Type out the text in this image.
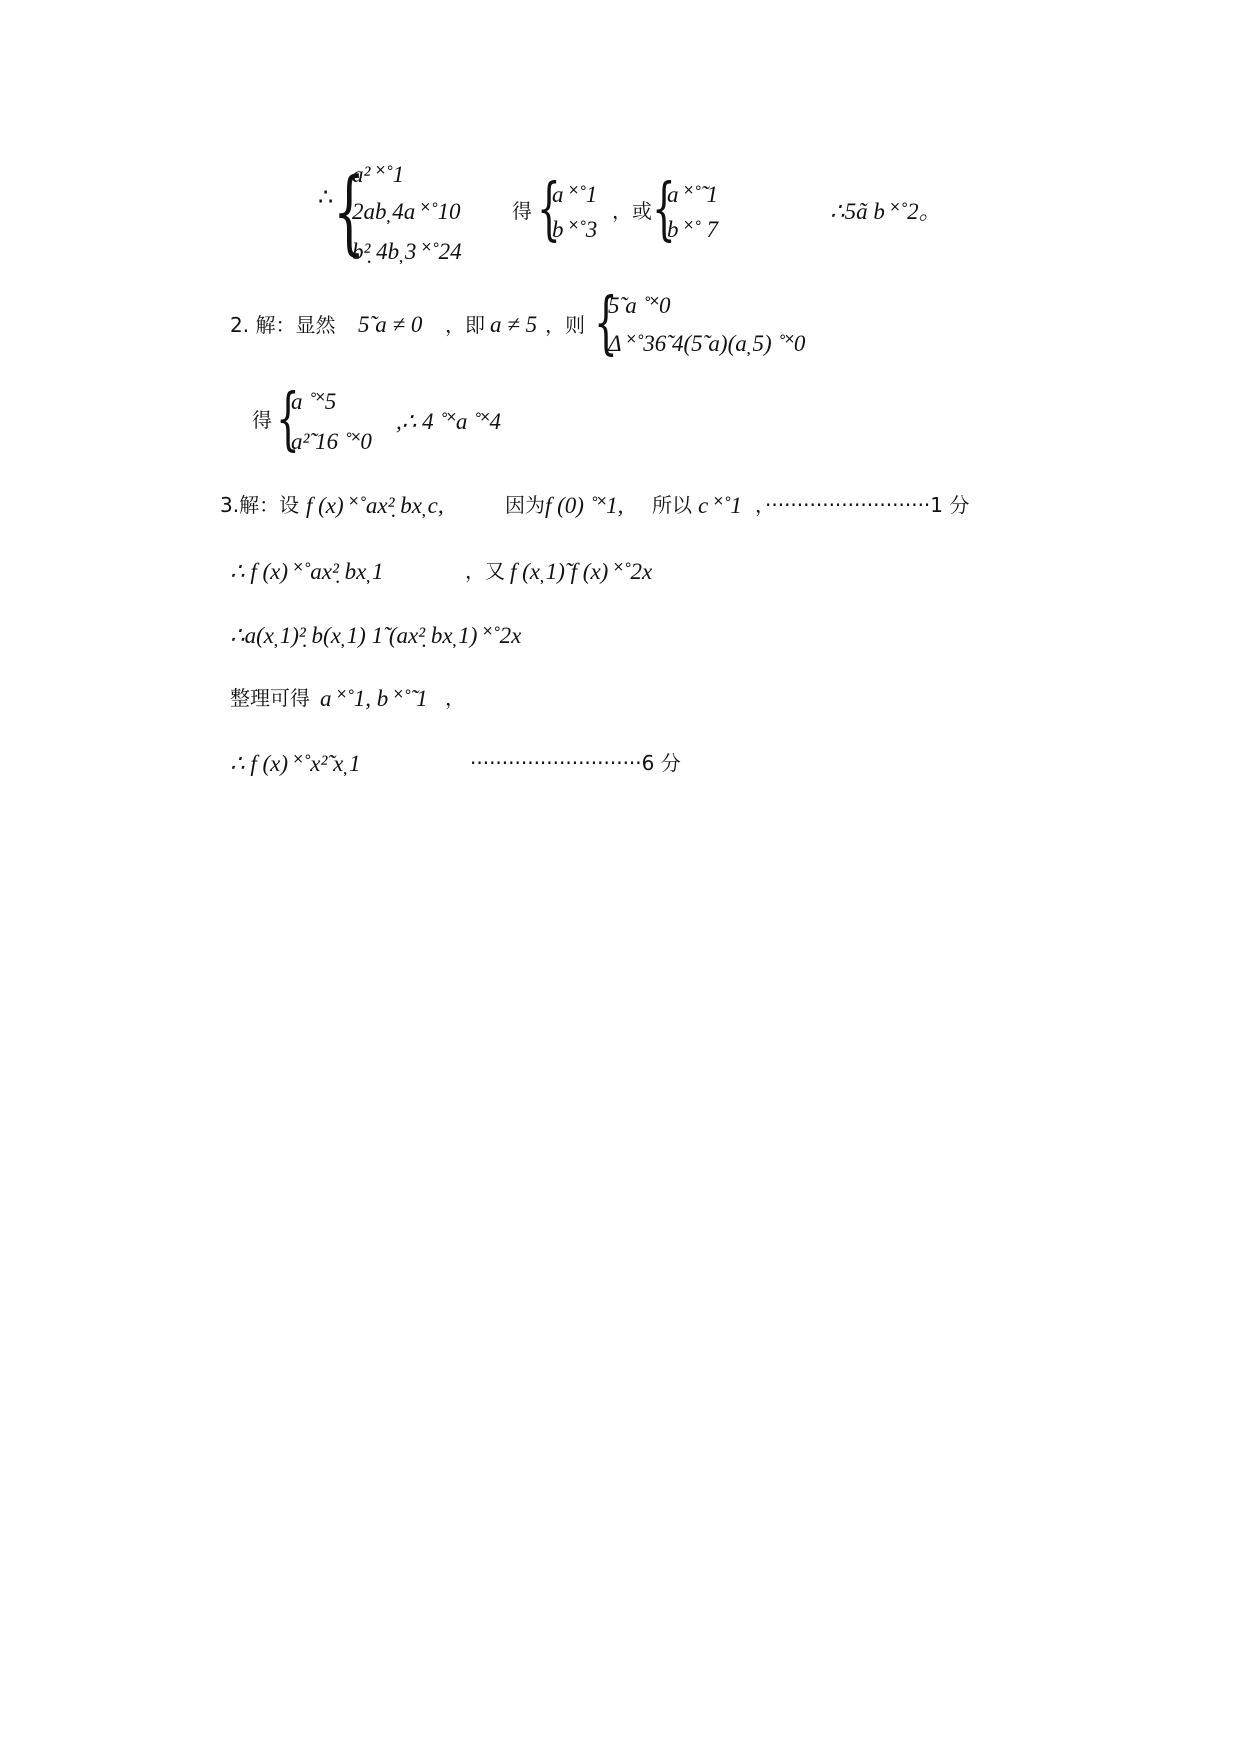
∴ {
a² ˟˚1
2ab̦ 4a ˟˚10
b²̣ 4b̦ 3 ˟˚24
得 {
a ˟˚1
b ˟˚3
，或 {
a ˟˚̃ 1
b ˟˚ 7
∴5ã b ˟˚2。
2. 解：显然 5̃ a ≠ 0 ，即 a ≠ 5 ，则 {
5̃ a ˚˟0
Δ ˟˚36̃ 4(5̃ a)(a̦ 5) ˚˟0
得 {
a ˚˟5
a²̃ 16 ˚˟0
,∴ 4 ˚˟a ˚˟4
3.解：设 f (x) ˟˚ax²̣ bx̦ c,	因为 f (0) ˚˟1, 所以 c ˟˚1 ，··························1 分
∴ f (x) ˟˚ax²̣ bx̦ 1	，又 f (x̦ 1)̃ f (x) ˟˚2x
∴a(x̦ 1)²̣ b(x̦ 1) 1̃ (ax²̣ bx̦ 1) ˟˚2x
整理可得 a ˟˚1, b ˟˚̃ 1 ，
∴ f (x) ˟˚x²̃ x̦ 1	···························6 分
